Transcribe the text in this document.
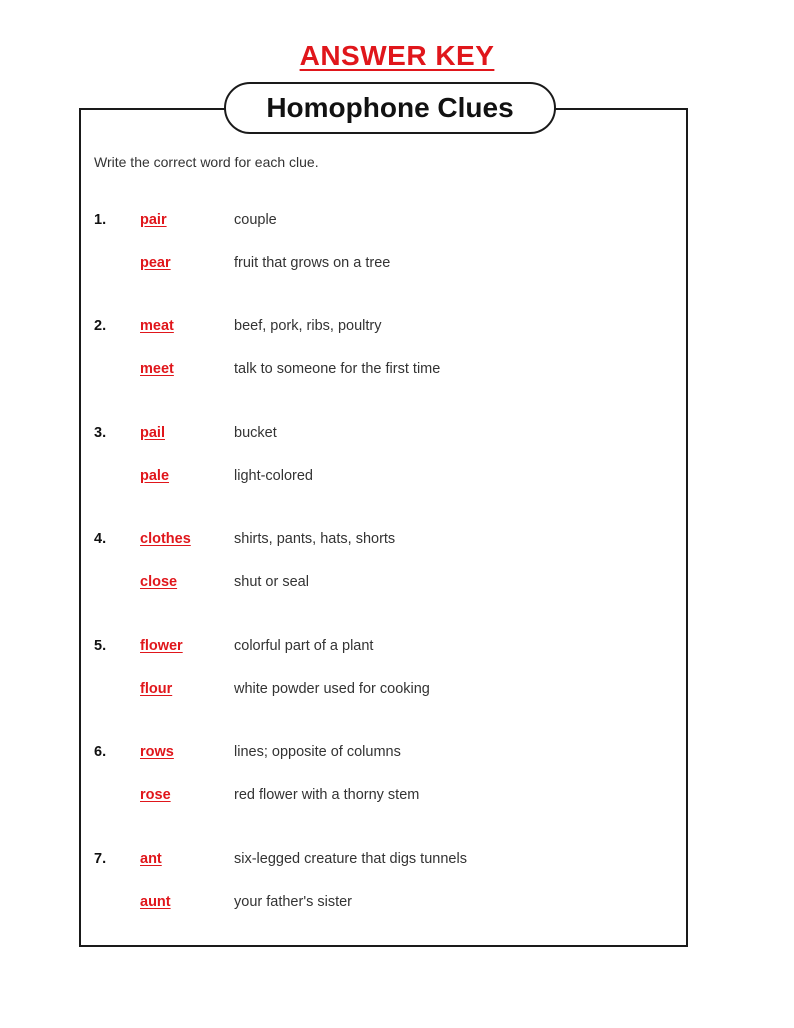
ANSWER KEY
Homophone Clues
Write the correct word for each clue.
1. pair	couple
pear	fruit that grows on a tree
2. meat	beef, pork, ribs, poultry
meet	talk to someone for the first time
3. pail	bucket
pale	light-colored
4. clothes	shirts, pants, hats, shorts
close	shut or seal
5. flower	colorful part of a plant
flour	white powder used for cooking
6. rows	lines; opposite of columns
rose	red flower with a thorny stem
7. ant	six-legged creature that digs tunnels
aunt	your father's sister
